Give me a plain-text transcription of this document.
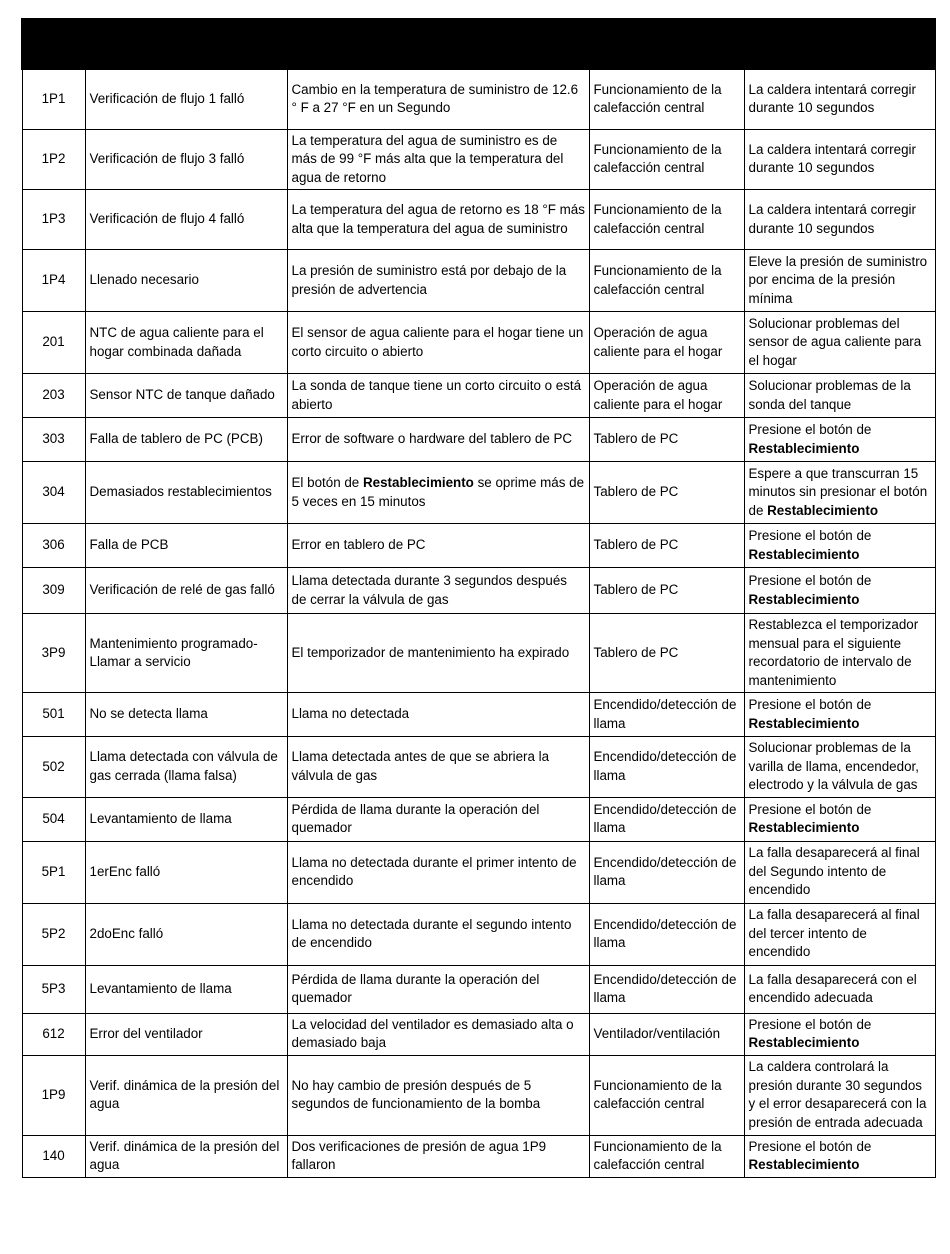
1P1	Verificación de flujo 1 falló	Cambio en la temperatura de suministro de 12.6 ° F a 27 °F en un Segundo	Funcionamiento de la calefacción central	La caldera intentará corregir durante 10 segundos
1P2	Verificación de flujo 3 falló	La temperatura del agua de suministro es de más de 99 °F más alta que la temperatura del agua de retorno	Funcionamiento de la calefacción central	La caldera intentará corregir durante 10 segundos
1P3	Verificación de flujo 4 falló	La temperatura del agua de retorno es 18 °F más alta que la temperatura del agua de suministro	Funcionamiento de la calefacción central	La caldera intentará corregir durante 10 segundos
1P4	Llenado necesario	La presión de suministro está por debajo de la presión de advertencia	Funcionamiento de la calefacción central	Eleve la presión de suministro por encima de la presión mínima
201	NTC de agua caliente para el hogar combinada dañada	El sensor de agua caliente para el hogar tiene un corto circuito o abierto	Operación de agua caliente para el hogar	Solucionar problemas del sensor de agua caliente para el hogar
203	Sensor NTC de tanque dañado	La sonda de tanque tiene un corto circuito o está abierto	Operación de agua caliente para el hogar	Solucionar problemas de la sonda del tanque
303	Falla de tablero de PC (PCB)	Error de software o hardware del tablero de PC	Tablero de PC	Presione el botón de Restablecimiento
304	Demasiados restablecimientos	El botón de Restablecimiento se oprime más de 5 veces en 15 minutos	Tablero de PC	Espere a que transcurran 15 minutos sin presionar el botón de Restablecimiento
306	Falla de PCB	Error en tablero de PC	Tablero de PC	Presione el botón de Restablecimiento
309	Verificación de relé de gas falló	Llama detectada durante 3 segundos después de cerrar la válvula de gas	Tablero de PC	Presione el botón de Restablecimiento
3P9	Mantenimiento programado-Llamar a servicio	El temporizador de mantenimiento ha expirado	Tablero de PC	Restablezca el temporizador mensual para el siguiente recordatorio de intervalo de mantenimiento
501	No se detecta llama	Llama no detectada	Encendido/detección de llama	Presione el botón de Restablecimiento
502	Llama detectada con válvula de gas cerrada (llama falsa)	Llama detectada antes de que se abriera la válvula de gas	Encendido/detección de llama	Solucionar problemas de la varilla de llama, encendedor, electrodo y la válvula de gas
504	Levantamiento de llama	Pérdida de llama durante la operación del quemador	Encendido/detección de llama	Presione el botón de Restablecimiento
5P1	1erEnc falló	Llama no detectada durante el primer intento de encendido	Encendido/detección de llama	La falla desaparecerá al final del Segundo intento de encendido
5P2	2doEnc falló	Llama no detectada durante el segundo intento de encendido	Encendido/detección de llama	La falla desaparecerá al final del tercer intento de encendido
5P3	Levantamiento de llama	Pérdida de llama durante la operación del quemador	Encendido/detección de llama	La falla desaparecerá con el encendido adecuada
612	Error del ventilador	La velocidad del ventilador es demasiado alta o demasiado baja	Ventilador/ventilación	Presione el botón de Restablecimiento
1P9	Verif. dinámica de la presión del agua	No hay cambio de presión después de 5 segundos de funcionamiento de la bomba	Funcionamiento de la calefacción central	La caldera controlará la presión durante 30 segundos y el error desaparecerá con la presión de entrada adecuada
140	Verif. dinámica de la presión del agua	Dos verificaciones de presión de agua 1P9 fallaron	Funcionamiento de la calefacción central	Presione el botón de Restablecimiento
